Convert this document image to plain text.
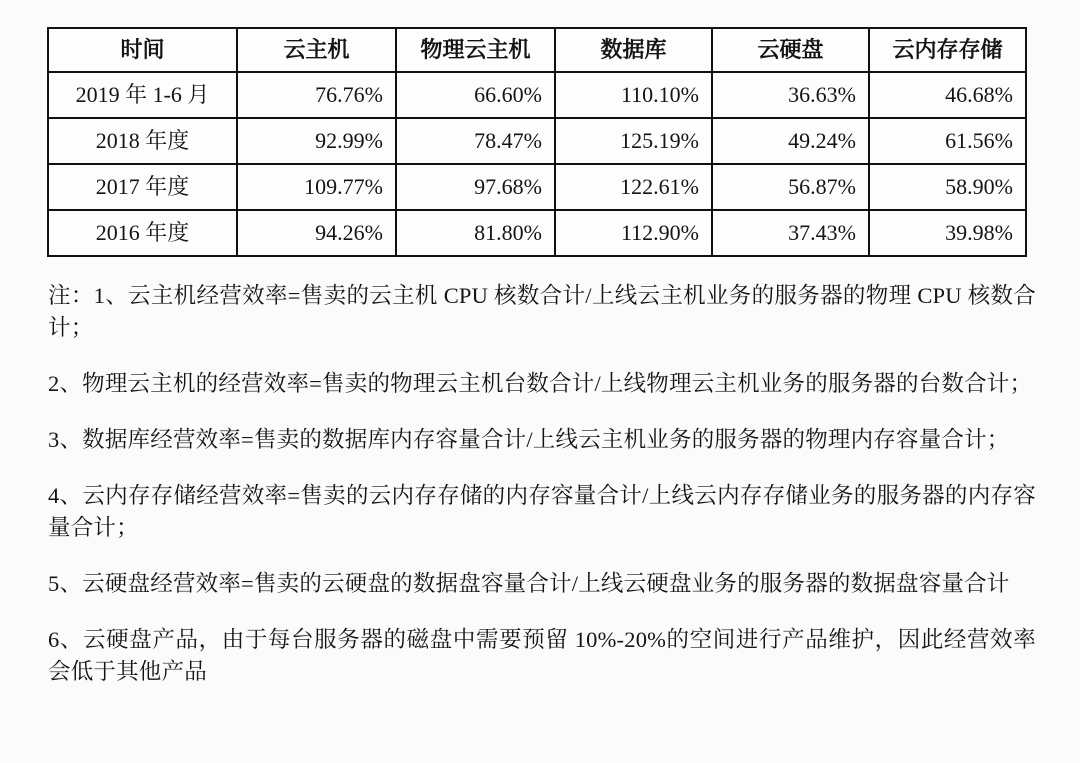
时间	云主机	物理云主机	数据库	云硬盘	云内存存储
2019 年 1-6 月	76.76%	66.60%	110.10%	36.63%	46.68%
2018 年度	92.99%	78.47%	125.19%	49.24%	61.56%
2017 年度	109.77%	97.68%	122.61%	56.87%	58.90%
2016 年度	94.26%	81.80%	112.90%	37.43%	39.98%

注：1、云主机经营效率=售卖的云主机 CPU 核数合计/上线云主机业务的服务器的物理 CPU 核数合计；

2、物理云主机的经营效率=售卖的物理云主机台数合计/上线物理云主机业务的服务器的台数合计；

3、数据库经营效率=售卖的数据库内存容量合计/上线云主机业务的服务器的物理内存容量合计；

4、云内存存储经营效率=售卖的云内存存储的内存容量合计/上线云内存存储业务的服务器的内存容量合计；

5、云硬盘经营效率=售卖的云硬盘的数据盘容量合计/上线云硬盘业务的服务器的数据盘容量合计

6、云硬盘产品，由于每台服务器的磁盘中需要预留 10%-20%的空间进行产品维护，因此经营效率会低于其他产品
